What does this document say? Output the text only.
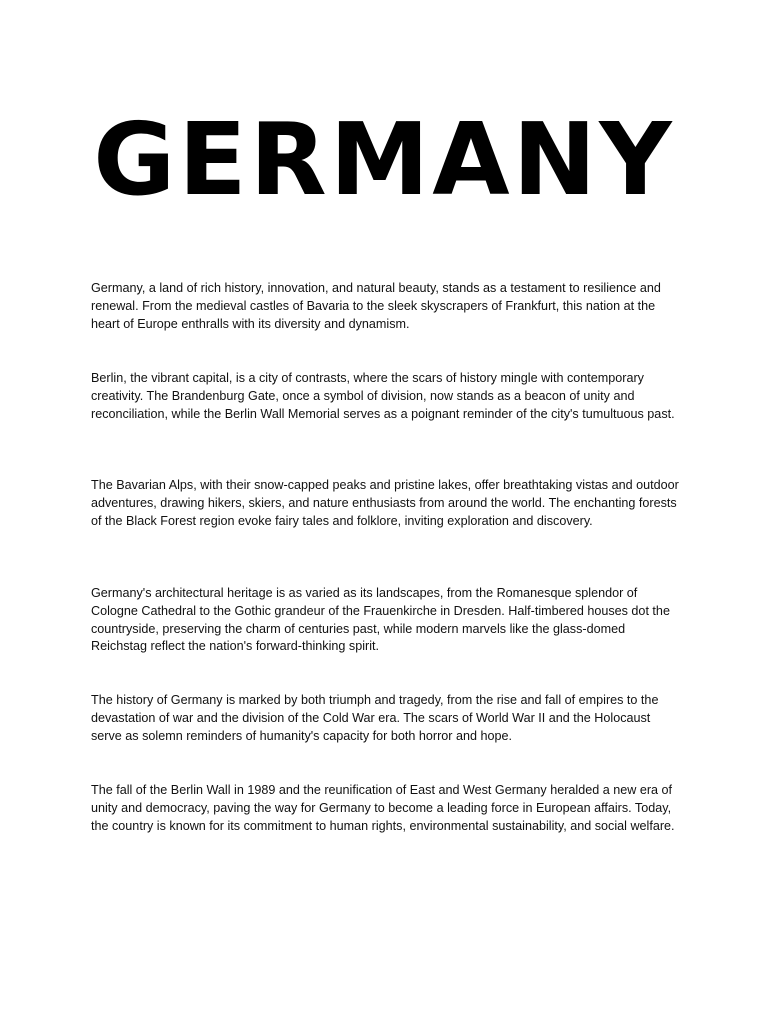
GERMANY

Germany, a land of rich history, innovation, and natural beauty, stands as a testament to resilience and renewal. From the medieval castles of Bavaria to the sleek skyscrapers of Frankfurt, this nation at the heart of Europe enthralls with its diversity and dynamism.

Berlin, the vibrant capital, is a city of contrasts, where the scars of history mingle with contemporary creativity. The Brandenburg Gate, once a symbol of division, now stands as a beacon of unity and reconciliation, while the Berlin Wall Memorial serves as a poignant reminder of the city's tumultuous past.

The Bavarian Alps, with their snow-capped peaks and pristine lakes, offer breathtaking vistas and outdoor adventures, drawing hikers, skiers, and nature enthusiasts from around the world. The enchanting forests of the Black Forest region evoke fairy tales and folklore, inviting exploration and discovery.

Germany's architectural heritage is as varied as its landscapes, from the Romanesque splendor of Cologne Cathedral to the Gothic grandeur of the Frauenkirche in Dresden. Half-timbered houses dot the countryside, preserving the charm of centuries past, while modern marvels like the glass-domed Reichstag reflect the nation's forward-thinking spirit.

The history of Germany is marked by both triumph and tragedy, from the rise and fall of empires to the devastation of war and the division of the Cold War era. The scars of World War II and the Holocaust serve as solemn reminders of humanity's capacity for both horror and hope.

The fall of the Berlin Wall in 1989 and the reunification of East and West Germany heralded a new era of unity and democracy, paving the way for Germany to become a leading force in European affairs. Today, the country is known for its commitment to human rights, environmental sustainability, and social welfare.
